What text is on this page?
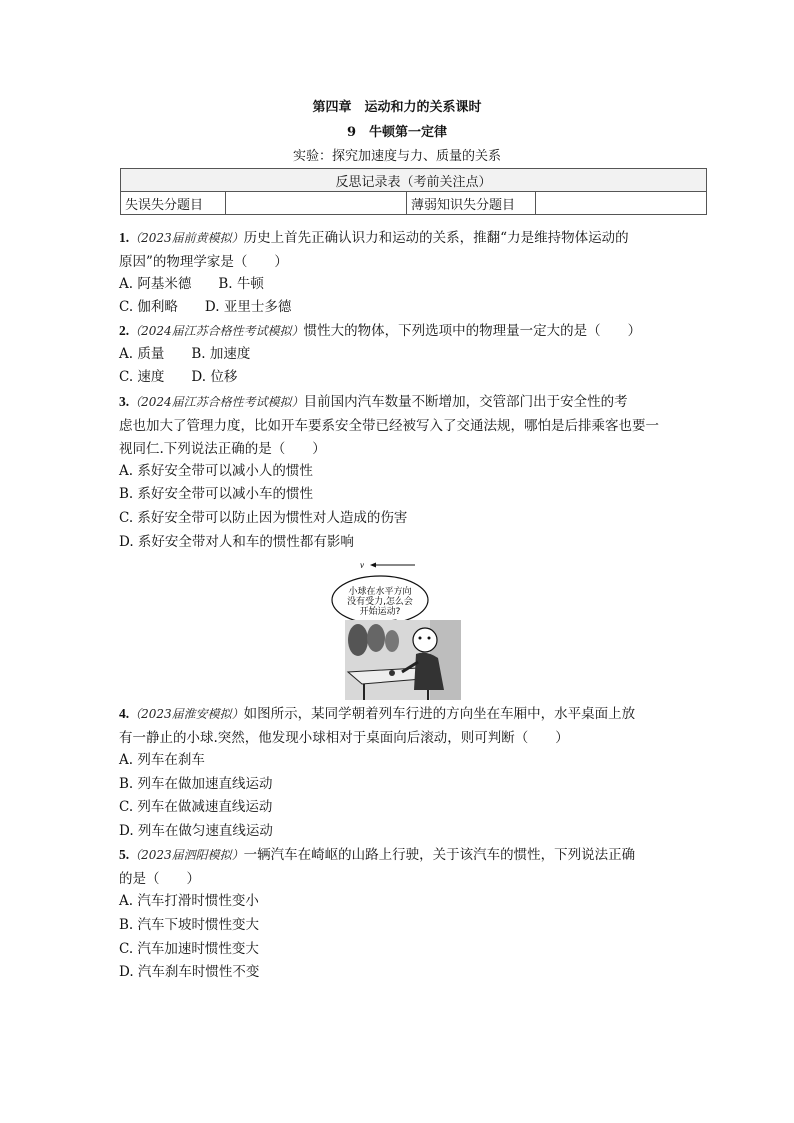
第四章　运动和力的关系课时
9　牛顿第一定律
实验：探究加速度与力、质量的关系
反思记录表（考前关注点）
失误失分题目		薄弱知识失分题目	
1.（2023届前黄模拟）历史上首先正确认识力和运动的关系，推翻“力是维持物体运动的
原因”的物理学家是（　　）
A. 阿基米德　　B. 牛顿
C. 伽利略　　D. 亚里士多德
2.（2024届江苏合格性考试模拟）惯性大的物体，下列选项中的物理量一定大的是（　　）
A. 质量　　B. 加速度
C. 速度　　D. 位移
3.（2024届江苏合格性考试模拟）目前国内汽车数量不断增加，交管部门出于安全性的考
虑也加大了管理力度，比如开车要系安全带已经被写入了交通法规，哪怕是后排乘客也要一
视同仁.下列说法正确的是（　　）
A. 系好安全带可以减小人的惯性
B. 系好安全带可以减小车的惯性
C. 系好安全带可以防止因为惯性对人造成的伤害
D. 系好安全带对人和车的惯性都有影响
v
小球在水平方向
没有受力,怎么会
开始运动?
4.（2023届淮安模拟）如图所示，某同学朝着列车行进的方向坐在车厢中，水平桌面上放
有一静止的小球.突然，他发现小球相对于桌面向后滚动，则可判断（　　）
A. 列车在刹车
B. 列车在做加速直线运动
C. 列车在做减速直线运动
D. 列车在做匀速直线运动
5.（2023届泗阳模拟）一辆汽车在崎岖的山路上行驶，关于该汽车的惯性，下列说法正确
的是（　　）
A. 汽车打滑时惯性变小
B. 汽车下坡时惯性变大
C. 汽车加速时惯性变大
D. 汽车刹车时惯性不变
